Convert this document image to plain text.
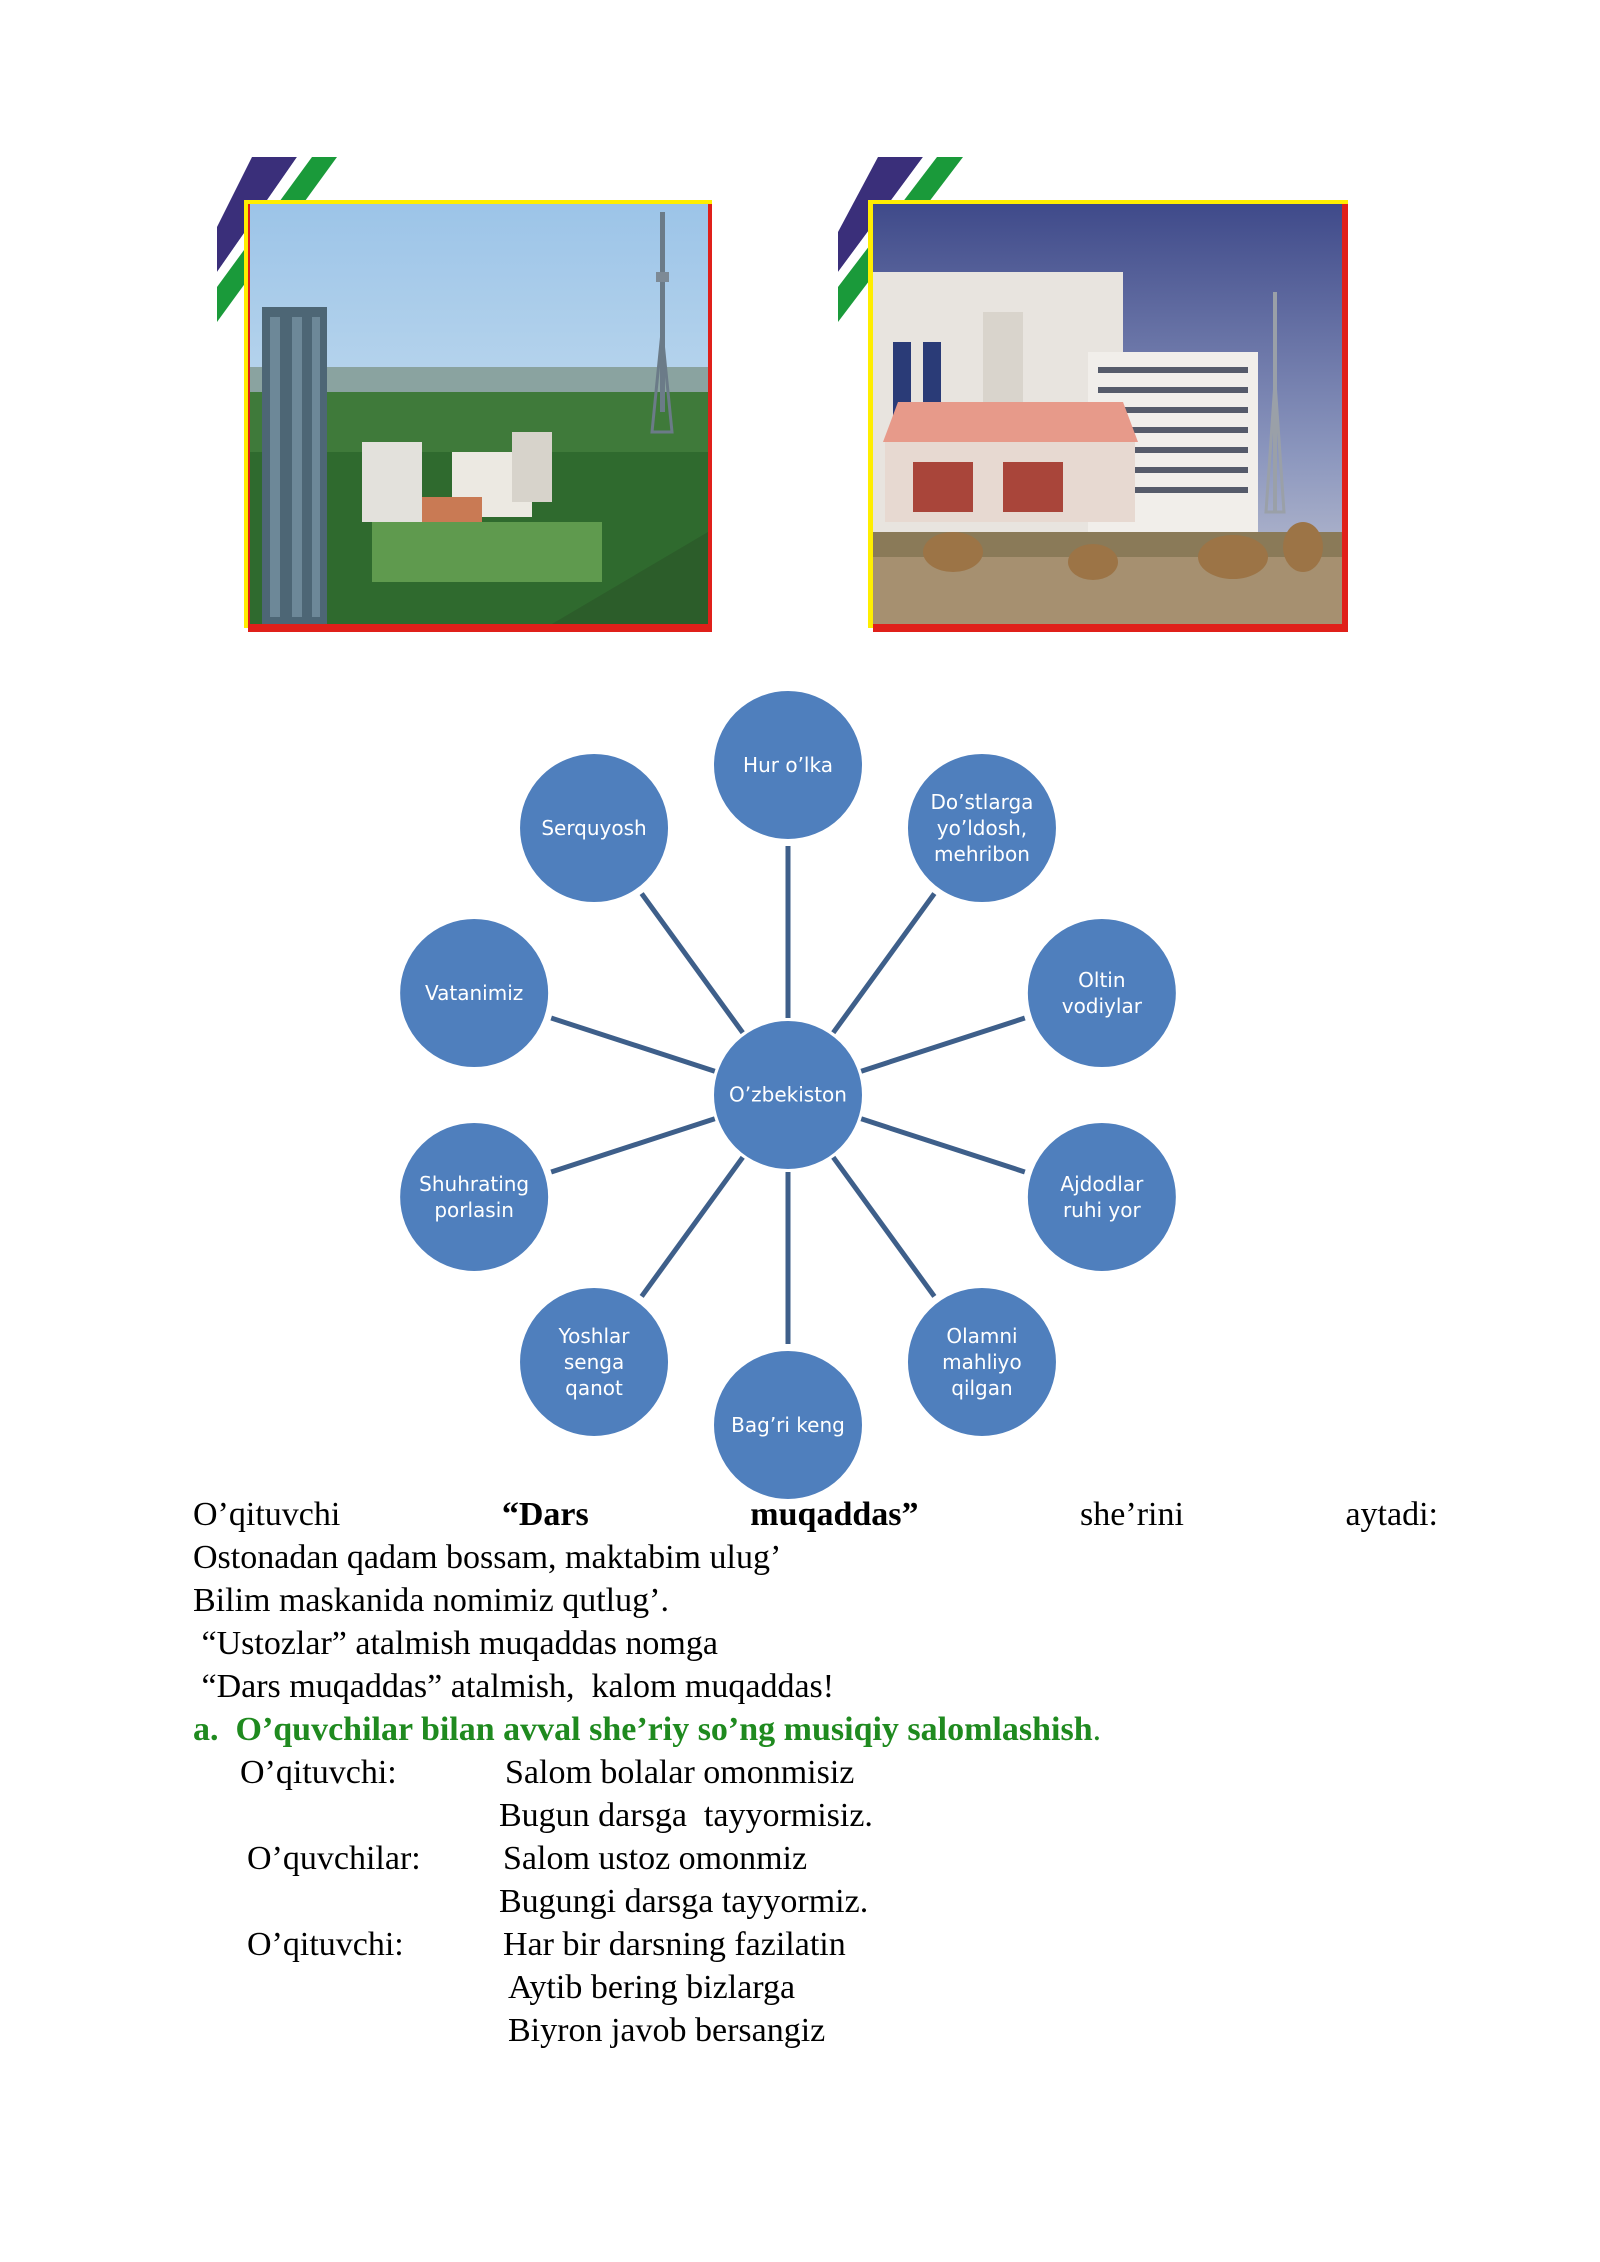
Hur o’lka
Do’stlarga
yo’ldosh,
mehribon
Oltin
vodiylar
Ajdodlar
ruhi yor
Olamni
mahliyo
qilgan
Bag’ri keng
Yoshlar
senga
qanot
Shuhrating
porlasin
Vatanimiz
Serquyosh
O’zbekiston
O’qituvchi	“Dars	muqaddas”	she’rini	aytadi:
Ostonadan qadam bossam, maktabim ulug’
Bilim maskanida nomimiz qutlug’.
“Ustozlar” atalmish muqaddas nomga
“Dars muqaddas” atalmish,  kalom muqaddas!
a. O’quvchilar bilan avval she’riy so’ng musiqiy salomlashish.
O’qituvchi:	Salom bolalar omonmisiz
Bugun darsga  tayyormisiz.
O’quvchilar: Salom ustoz omonmiz
Bugungi darsga tayyormiz.
O’qituvchi:	Har bir darsning fazilatin
Aytib bering bizlarga
Biyron javob bersangiz
